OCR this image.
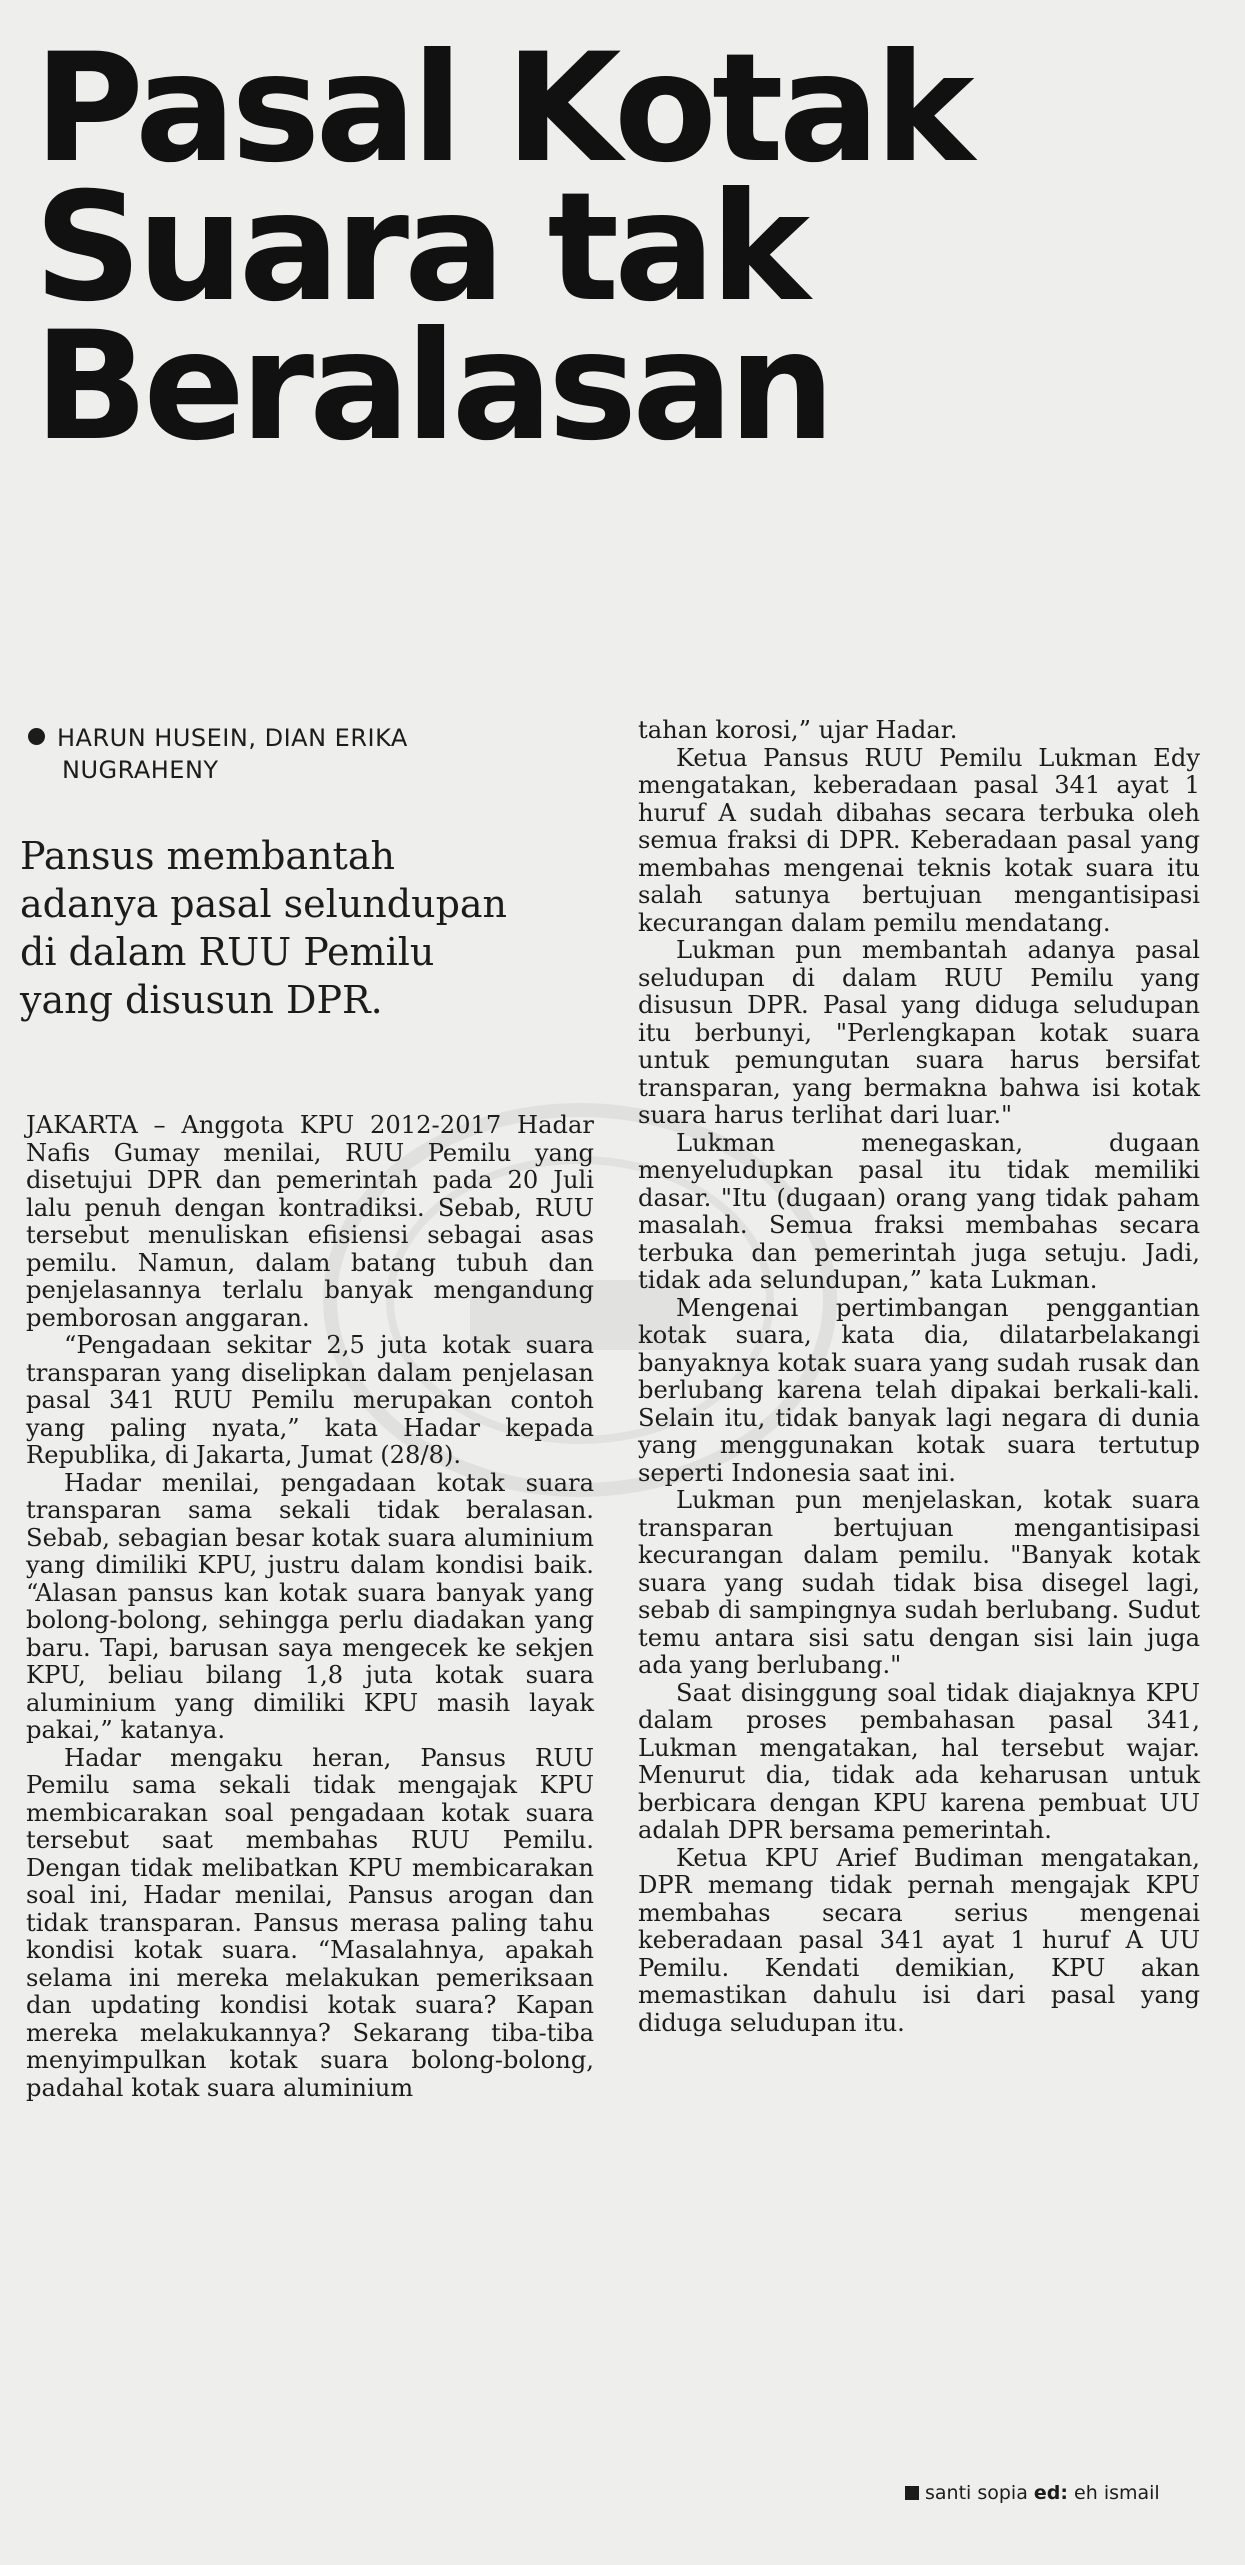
Pasal Kotak
Suara tak
Beralasan
HARUN HUSEIN, DIAN ERIKA
NUGRAHENY
Pansus membantah
adanya pasal selundupan
di dalam RUU Pemilu
yang disusun DPR.

JAKARTA – Anggota KPU 2012-2017 Hadar Nafis Gumay menilai, RUU Pemilu yang disetujui DPR dan pemerintah pada 20 Juli lalu penuh dengan kontradiksi. Sebab, RUU tersebut menuliskan efisiensi sebagai asas pemilu. Namun, dalam batang tubuh dan penjelasannya terlalu banyak mengandung pemborosan anggaran.

“Pengadaan sekitar 2,5 juta kotak suara transparan yang diselipkan dalam penjelasan pasal 341 RUU Pemilu merupakan contoh yang paling nyata,” kata Hadar kepada Republika, di Jakarta, Jumat (28/8).

Hadar menilai, pengadaan kotak suara transparan sama sekali tidak beralasan. Sebab, sebagian besar kotak suara aluminium yang dimiliki KPU, justru dalam kondisi baik. “Alasan pansus kan kotak suara banyak yang bolong-bolong, sehingga perlu diadakan yang baru. Tapi, barusan saya mengecek ke sekjen KPU, beliau bilang 1,8 juta kotak suara aluminium yang dimiliki KPU masih layak pakai,” katanya.

Hadar mengaku heran, Pansus RUU Pemilu sama sekali tidak mengajak KPU membicarakan soal pengadaan kotak suara tersebut saat membahas RUU Pemilu. Dengan tidak melibatkan KPU membicarakan soal ini, Hadar menilai, Pansus arogan dan tidak transparan. Pansus merasa paling tahu kondisi kotak suara. “Masalahnya, apakah selama ini mereka melakukan pemeriksaan dan updating kondisi kotak suara? Kapan mereka melakukannya? Sekarang tiba-tiba menyimpulkan kotak suara bolong-bolong, padahal kotak suara aluminium

tahan korosi,” ujar Hadar.

Ketua Pansus RUU Pemilu Lukman Edy mengatakan, keberadaan pasal 341 ayat 1 huruf A sudah dibahas secara terbuka oleh semua fraksi di DPR. Keberadaan pasal yang membahas mengenai teknis kotak suara itu salah satunya bertujuan mengantisipasi kecurangan dalam pemilu mendatang.

Lukman pun membantah adanya pasal seludupan di dalam RUU Pemilu yang disusun DPR. Pasal yang diduga seludupan itu berbunyi, "Perlengkapan kotak suara untuk pemungutan suara harus bersifat transparan, yang bermakna bahwa isi kotak suara harus terlihat dari luar."

Lukman menegaskan, dugaan menyeludupkan pasal itu tidak memiliki dasar. "Itu (dugaan) orang yang tidak paham masalah. Semua fraksi membahas secara terbuka dan pemerintah juga setuju. Jadi, tidak ada selundupan,” kata Lukman.

Mengenai pertimbangan penggantian kotak suara, kata dia, dilatarbelakangi banyaknya kotak suara yang sudah rusak dan berlubang karena telah dipakai berkali-kali. Selain itu, tidak banyak lagi negara di dunia yang menggunakan kotak suara tertutup seperti Indonesia saat ini.

Lukman pun menjelaskan, kotak suara transparan bertujuan mengantisipasi kecurangan dalam pemilu. "Banyak kotak suara yang sudah tidak bisa disegel lagi, sebab di sampingnya sudah berlubang. Sudut temu antara sisi satu dengan sisi lain juga ada yang berlubang."

Saat disinggung soal tidak diajaknya KPU dalam proses pembahasan pasal 341, Lukman mengatakan, hal tersebut wajar. Menurut dia, tidak ada keharusan untuk berbicara dengan KPU karena pembuat UU adalah DPR bersama pemerintah.

Ketua KPU Arief Budiman mengatakan, DPR memang tidak pernah mengajak KPU membahas secara serius mengenai keberadaan pasal 341 ayat 1 huruf A UU Pemilu. Kendati demikian, KPU akan memastikan dahulu isi dari pasal yang diduga seludupan itu.

santi sopia ed: eh ismail
